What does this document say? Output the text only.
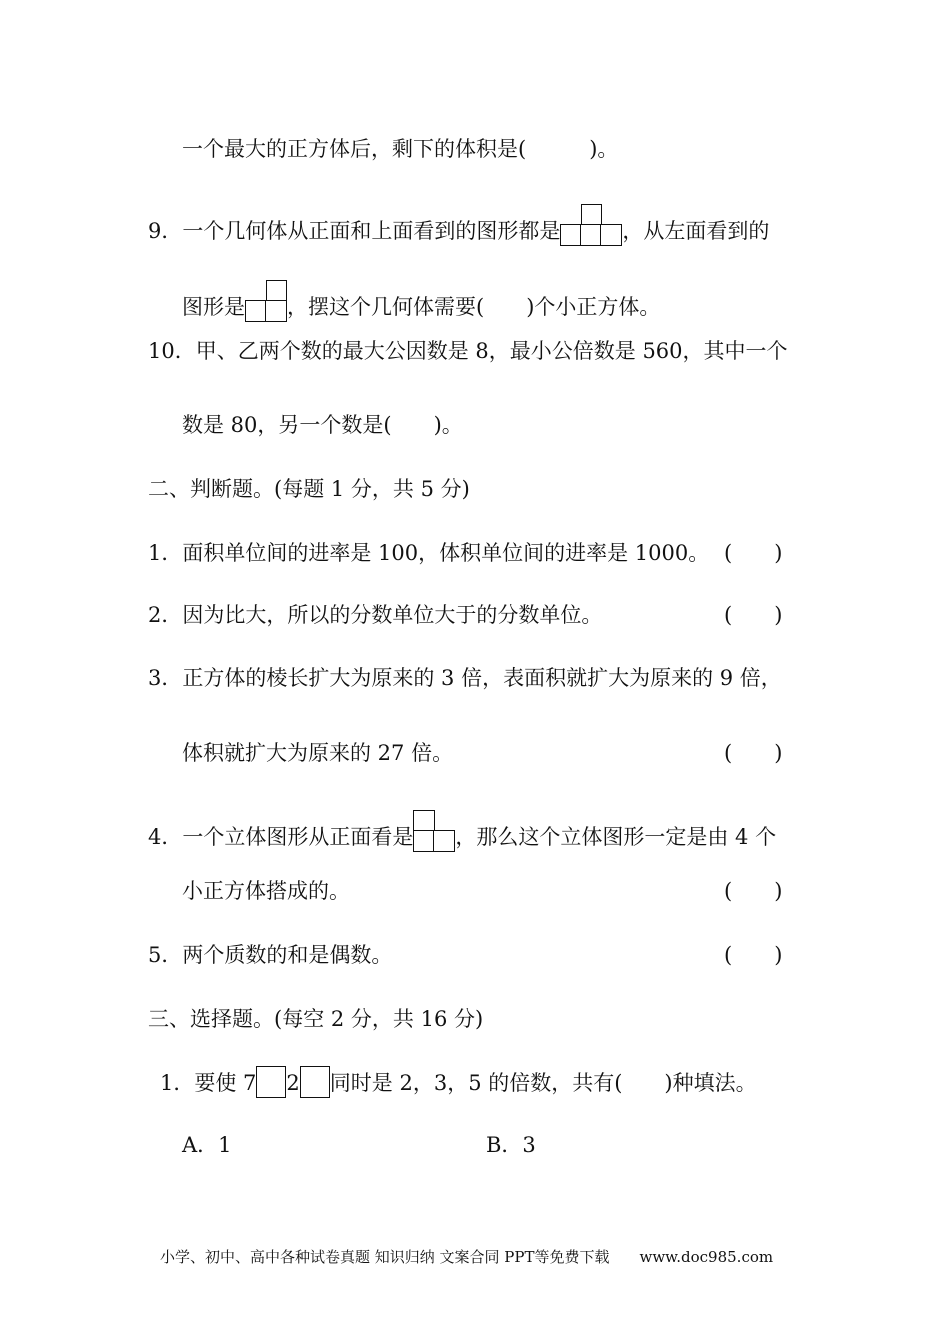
一个最大的正方体后，剩下的体积是(　　　)。
9．一个几何体从正面和上面看到的图形都是	，从左面看到的
图形是 ，摆这个几何体需要(　　)个小正方体。
10．甲、乙两个数的最大公因数是 8，最小公倍数是 560，其中一个
数是 80，另一个数是(　　)。
二、判断题。(每题 1 分，共 5 分)
1．面积单位间的进率是 100，体积单位间的进率是 1000。 (　　)
2．因为比大，所以的分数单位大于的分数单位。	(　　)
3．正方体的棱长扩大为原来的 3 倍，表面积就扩大为原来的 9 倍，
体积就扩大为原来的 27 倍。	(　　)
4．一个立体图形从正面看是 ，那么这个立体图形一定是由 4 个
小正方体搭成的。	(　　)
5．两个质数的和是偶数。	(　　)
三、选择题。(每空 2 分，共 16 分)
1．要使 7 2 同时是 2，3，5 的倍数，共有(　　)种填法。
A．1	B．3
小学、初中、高中各种试卷真题 知识归纳 文案合同 PPT等免费下载 www.doc985.com
